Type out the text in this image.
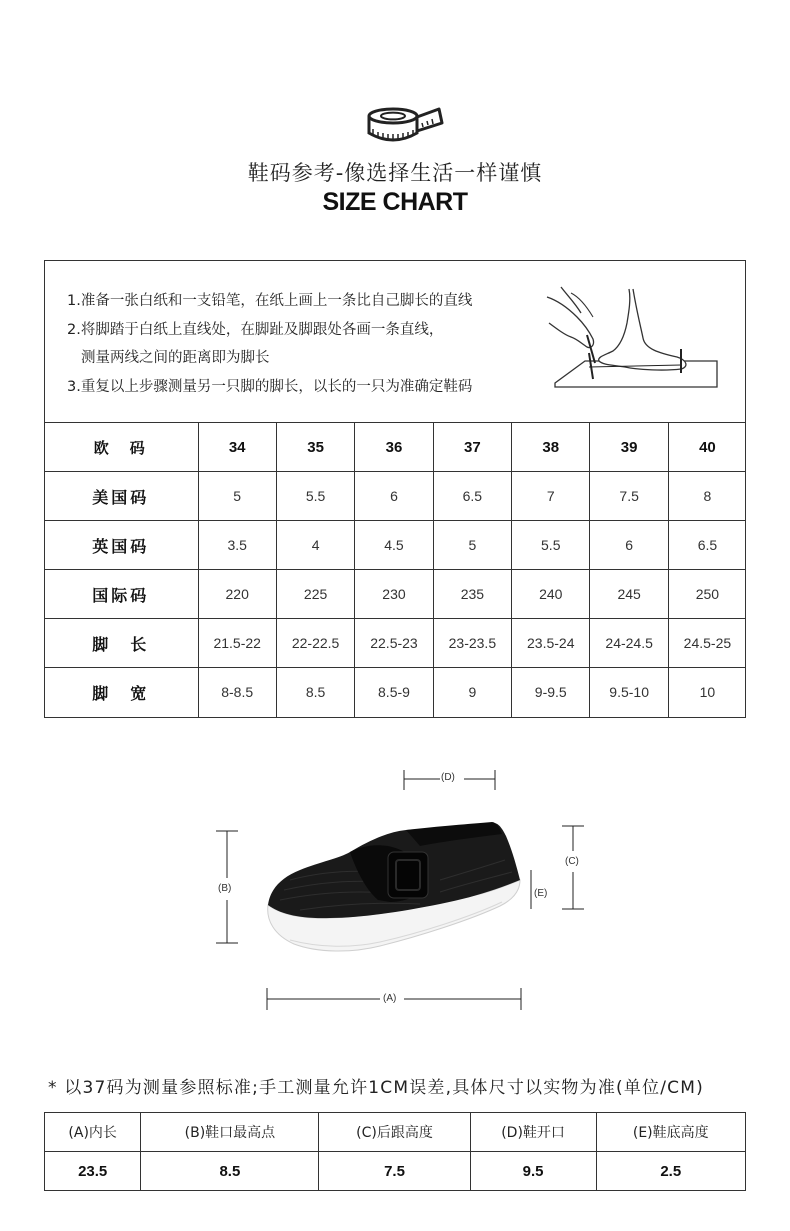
鞋码参考-像选择生活一样谨慎
SIZE CHART
1.准备一张白纸和一支铅笔，在纸上画上一条比自己脚长的直线
2.将脚踏于白纸上直线处，在脚趾及脚跟处各画一条直线，
测量两线之间的距离即为脚长
3.重复以上步骤测量另一只脚的脚长，以长的一只为准确定鞋码
欧　码	34	35	36	37	38	39	40
美国码	5	5.5	6	6.5	7	7.5	8
英国码	3.5	4	4.5	5	5.5	6	6.5
国际码	220	225	230	235	240	245	250
脚　长	21.5-22	22-22.5	22.5-23	23-23.5	23.5-24	24-24.5	24.5-25
脚　宽	8-8.5	8.5	8.5-9	9	9-9.5	9.5-10	10
(D)
(B)
(C)
(E)
(A)
* 以37码为测量参照标准;手工测量允许1CM误差,具体尺寸以实物为准(单位/CM)
(A)内长	(B)鞋口最高点	(C)后跟高度	(D)鞋开口	(E)鞋底高度
23.5	8.5	7.5	9.5	2.5
